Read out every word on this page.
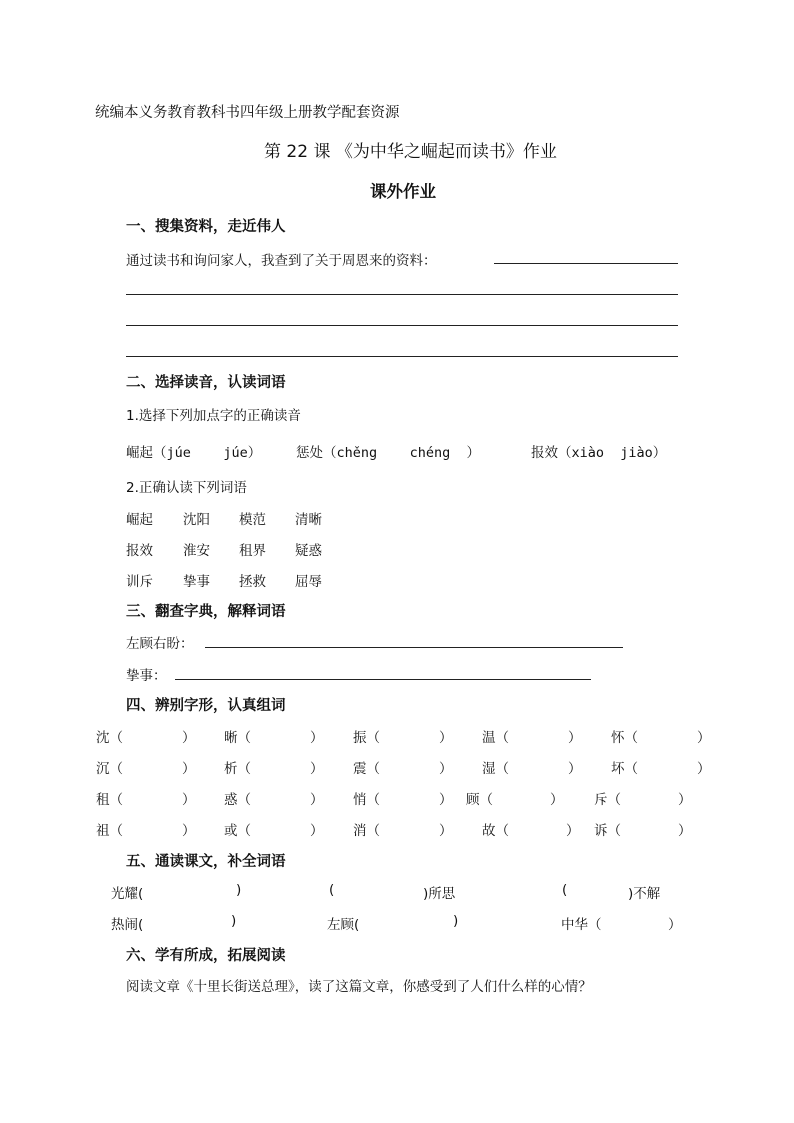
统编本义务教育教科书四年级上册教学配套资源
第 22 课 《为中华之崛起而读书》作业
课外作业
一、搜集资料，走近伟人
通过读书和询问家人，我查到了关于周恩来的资料：
二、选择读音，认读词语
1.选择下列加点字的正确读音
崛起（júe    júe）	惩处（chěng    chéng  ）	报效（xiào  jiào）
2.正确认读下列词语
崛起 沈阳 模范 清晰
报效 淮安 租界 疑惑
训斥 挚事 拯救 屈辱
三、翻查字典，解释词语
左顾右盼：
挚事：
四、辨别字形，认真组词
沈（	） 晰（	） 振（	） 温（	） 怀（	）
沉（	） 析（	） 震（	） 湿（	） 坏（	）
租（	） 惑（	） 悄（	） 顾（	） 斥（	）
祖（	） 或（	） 消（	） 故（	） 诉（	）
五、通读课文，补全词语
光耀(	)	(	)所思	(	)不解
热闹(	)	左顾(	)	中华（	）
六、学有所成，拓展阅读
阅读文章《十里长街送总理》，读了这篇文章，你感受到了人们什么样的心情？
